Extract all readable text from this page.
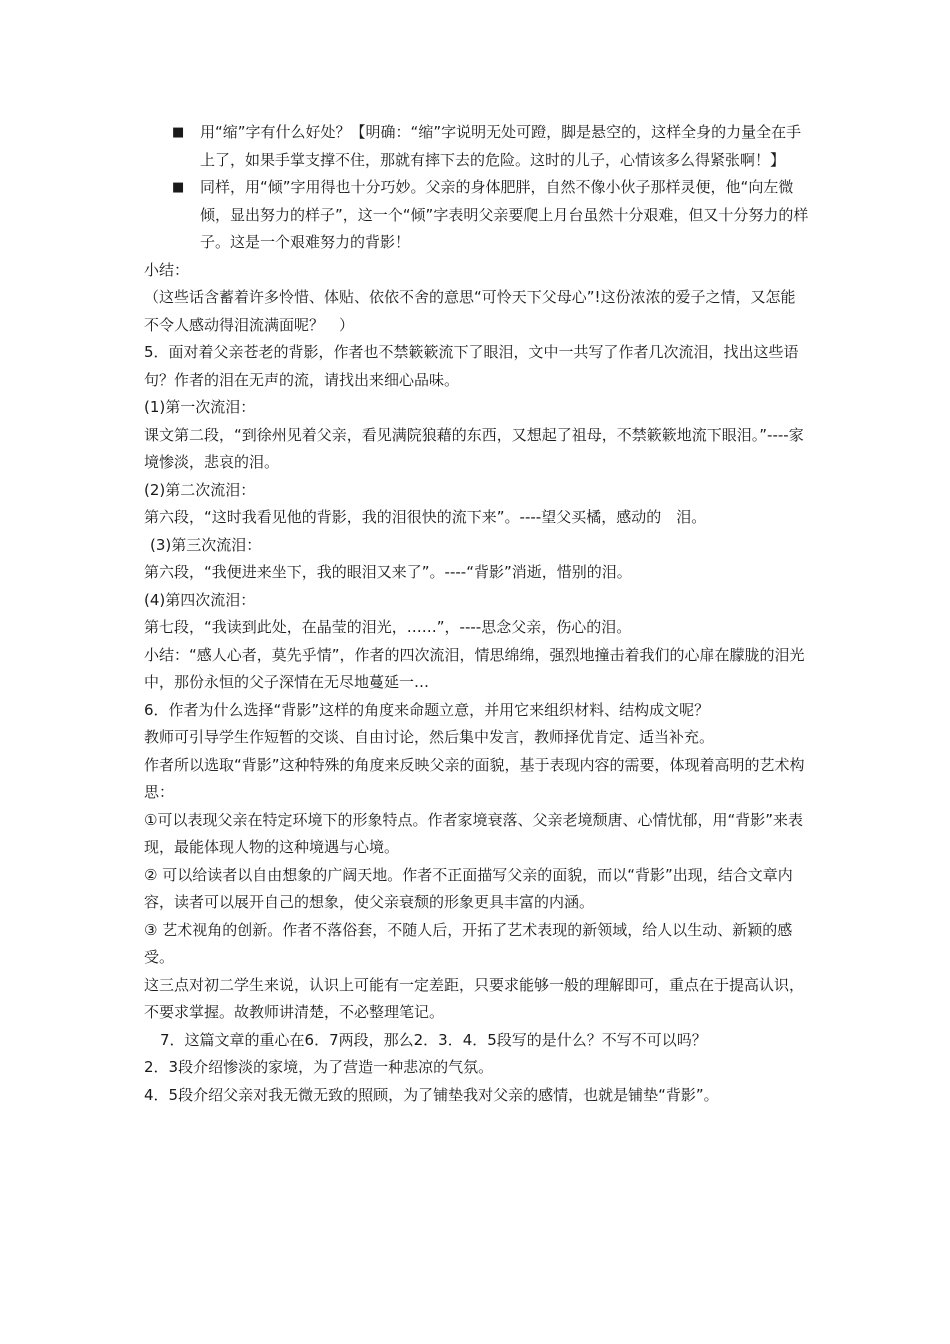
■	用“缩”字有什么好处？【明确：“缩”字说明无处可蹬，脚是悬空的，这样全身的力量全在手上了，如果手掌支撑不住，那就有摔下去的危险。这时的儿子，心情该多么得紧张啊！】
■	同样，用“倾”字用得也十分巧妙。父亲的身体肥胖，自然不像小伙子那样灵便，他“向左微倾，显出努力的样子”，这一个“倾”字表明父亲要爬上月台虽然十分艰难，但又十分努力的样子。这是一个艰难努力的背影！
小结：
（这些话含蓄着许多怜惜、体贴、依依不舍的意思“可怜天下父母心”!这份浓浓的爱子之情，又怎能不令人感动得泪流满面呢？　）
5．面对着父亲苍老的背影，作者也不禁簌簌流下了眼泪，文中一共写了作者几次流泪，找出这些语句？作者的泪在无声的流，请找出来细心品味。
(1)第一次流泪：
课文第二段，“到徐州见着父亲，看见满院狼藉的东西，又想起了祖母，不禁簌簌地流下眼泪。”----家境惨淡，悲哀的泪。
(2)第二次流泪：
第六段，“这时我看见他的背影，我的泪很快的流下来”。----望父买橘，感动的　泪。
(3)第三次流泪：
第六段，“我便进来坐下，我的眼泪又来了”。----“背影”消逝，惜别的泪。
(4)第四次流泪：
第七段，“我读到此处，在晶莹的泪光，……”，----思念父亲，伤心的泪。
小结：“感人心者，莫先乎情”，作者的四次流泪，情思绵绵，强烈地撞击着我们的心扉在朦胧的泪光中，那份永恒的父子深情在无尽地蔓延一…
6．作者为什么选择“背影”这样的角度来命题立意，并用它来组织材料、结构成文呢？
教师可引导学生作短暂的交谈、自由讨论，然后集中发言，教师择优肯定、适当补充。
作者所以选取“背影”这种特殊的角度来反映父亲的面貌，基于表现内容的需要，体现着高明的艺术构思：
①可以表现父亲在特定环境下的形象特点。作者家境衰落、父亲老境颓唐、心情忧郁，用“背影”来表现，最能体现人物的这种境遇与心境。
② 可以给读者以自由想象的广阔天地。作者不正面描写父亲的面貌，而以“背影”出现，结合文章内容，读者可以展开自己的想象，使父亲衰颓的形象更具丰富的内涵。
③ 艺术视角的创新。作者不落俗套，不随人后，开拓了艺术表现的新领域，给人以生动、新颖的感受。
这三点对初二学生来说，认识上可能有一定差距，只要求能够一般的理解即可，重点在于提高认识，不要求掌握。故教师讲清楚，不必整理笔记。
7．这篇文章的重心在6．7两段，那么2．3．4．5段写的是什么？不写不可以吗？
2．3段介绍惨淡的家境，为了营造一种悲凉的气氛。
4．5段介绍父亲对我无微无致的照顾，为了铺垫我对父亲的感情，也就是铺垫“背影”。
